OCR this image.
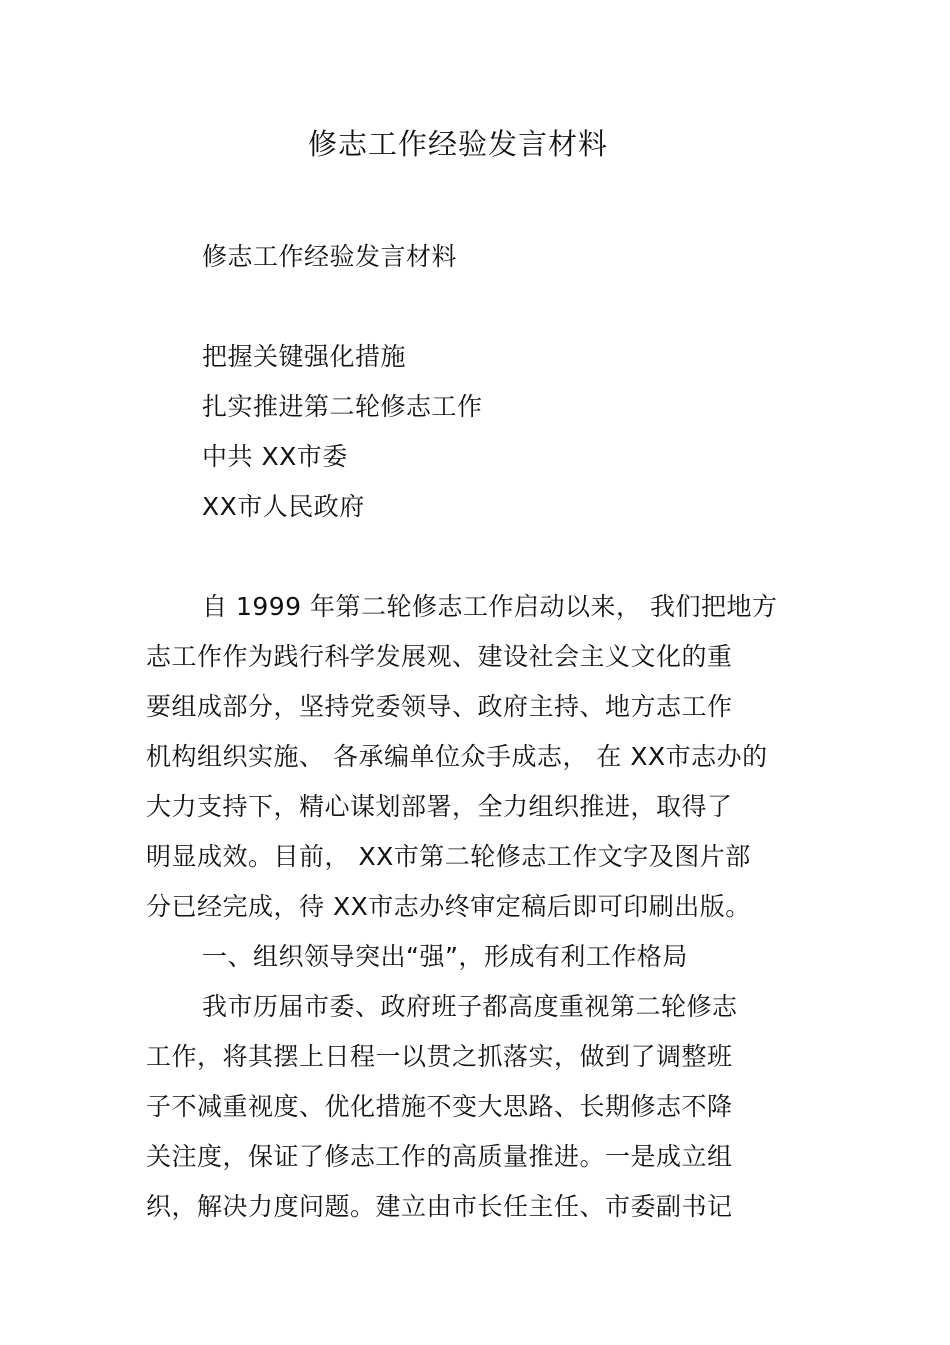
修志工作经验发言材料
修志工作经验发言材料
把握关键强化措施
扎实推进第二轮修志工作
中共 XX市委
XX市人民政府
自 1999 年第二轮修志工作启动以来， 我们把地方
志工作作为践行科学发展观、建设社会主义文化的重
要组成部分，坚持党委领导、政府主持、地方志工作
机构组织实施、 各承编单位众手成志， 在 XX市志办的
大力支持下，精心谋划部署，全力组织推进，取得了
明显成效。目前， XX市第二轮修志工作文字及图片部
分已经完成，待 XX市志办终审定稿后即可印刷出版。
一、组织领导突出“强”，形成有利工作格局
我市历届市委、政府班子都高度重视第二轮修志
工作，将其摆上日程一以贯之抓落实，做到了调整班
子不减重视度、优化措施不变大思路、长期修志不降
关注度，保证了修志工作的高质量推进。一是成立组
织，解决力度问题。建立由市长任主任、市委副书记
